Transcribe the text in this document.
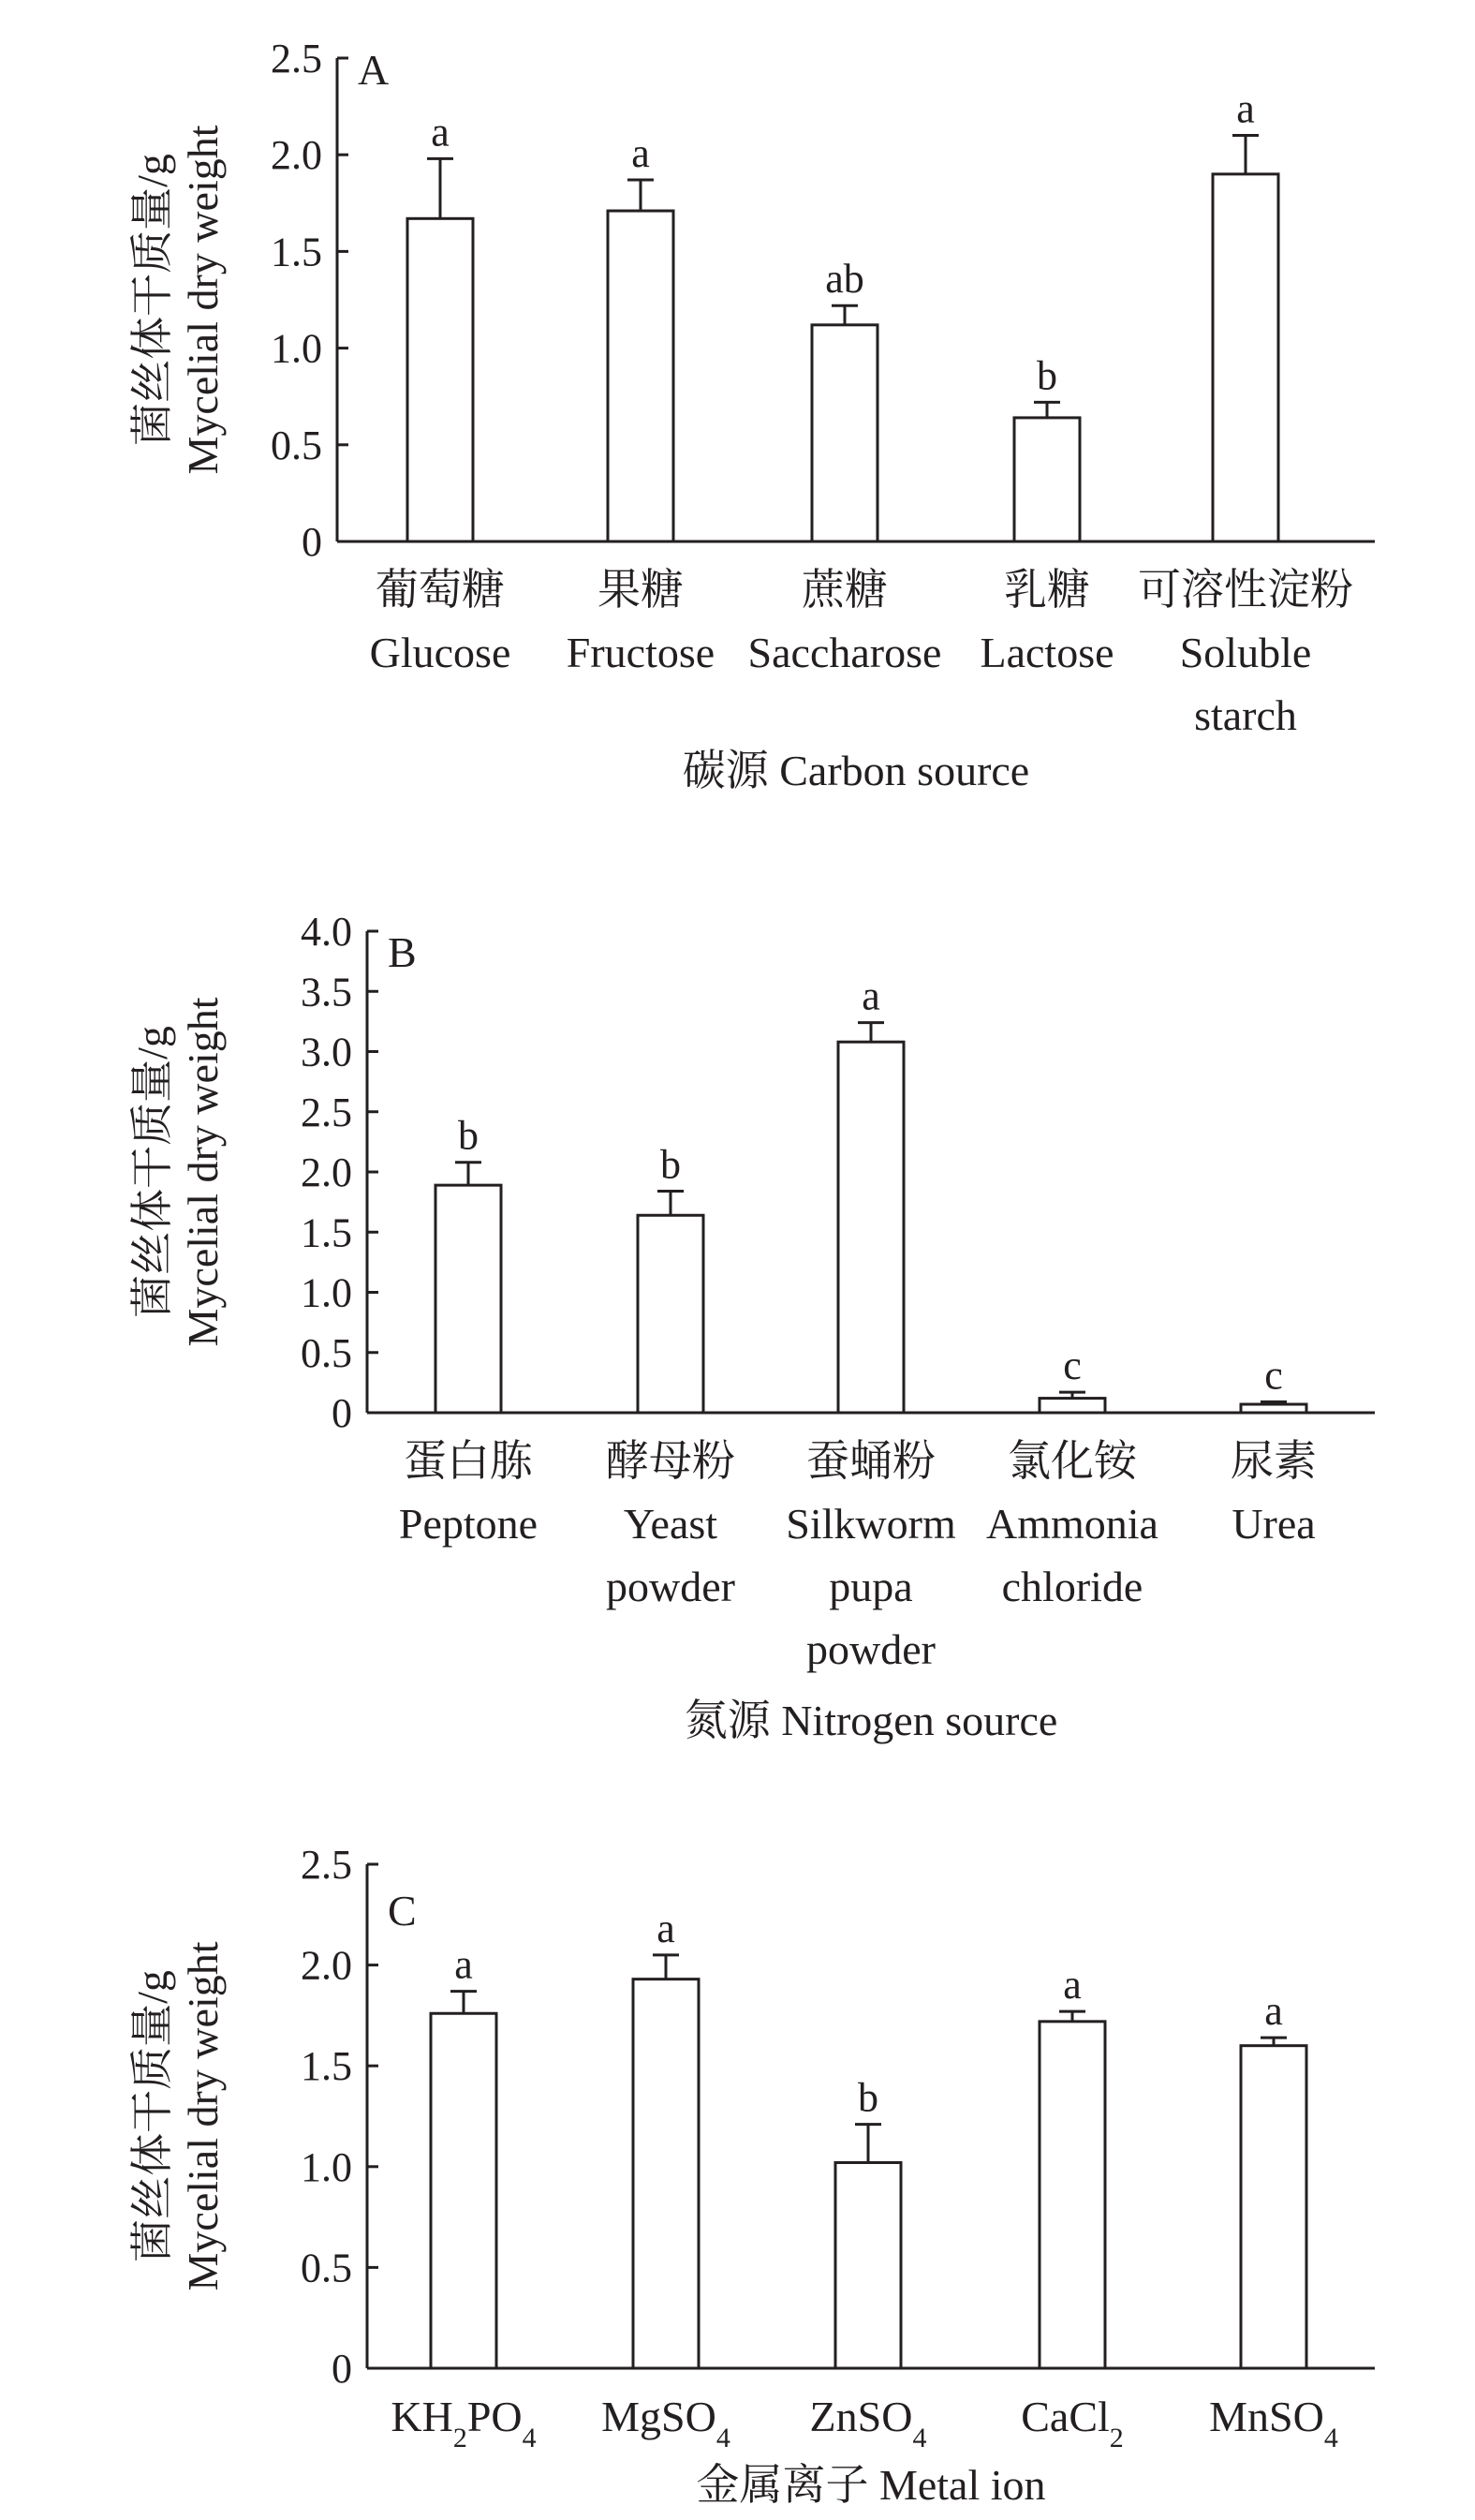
0
0.5
1.0
1.5
2.0
2.5 A
菌丝体干质量/g Mycelial dry weight	a	a
ab
b
a
葡萄糖 Glucose
果糖 Fructose
蔗糖 Saccharose
乳糖 Lactose
可溶性淀粉 Soluble starch
碳源 Carbon source
0
0.5
1.0
1.5
2.0
2.5
3.0
3.5
4.0 B
菌丝体干质量/g Mycelial dry weight	b
b
a
c	c
蛋白胨 Peptone
酵母粉 Yeast powder
蚕蛹粉 Silkworm pupa powder
氯化铵 Ammonia chloride
尿素 Urea
氮源 Nitrogen source
0
0.5
1.0
1.5
2.0
2.5
C
菌丝体干质量/g Mycelial dry weight	a
a
b
a
a
$KH_2PO_4$ MgSO$_4$ ZnSO$_4$ CaCl$_2$ MnSO$_4$
金属离子 Metal ion
